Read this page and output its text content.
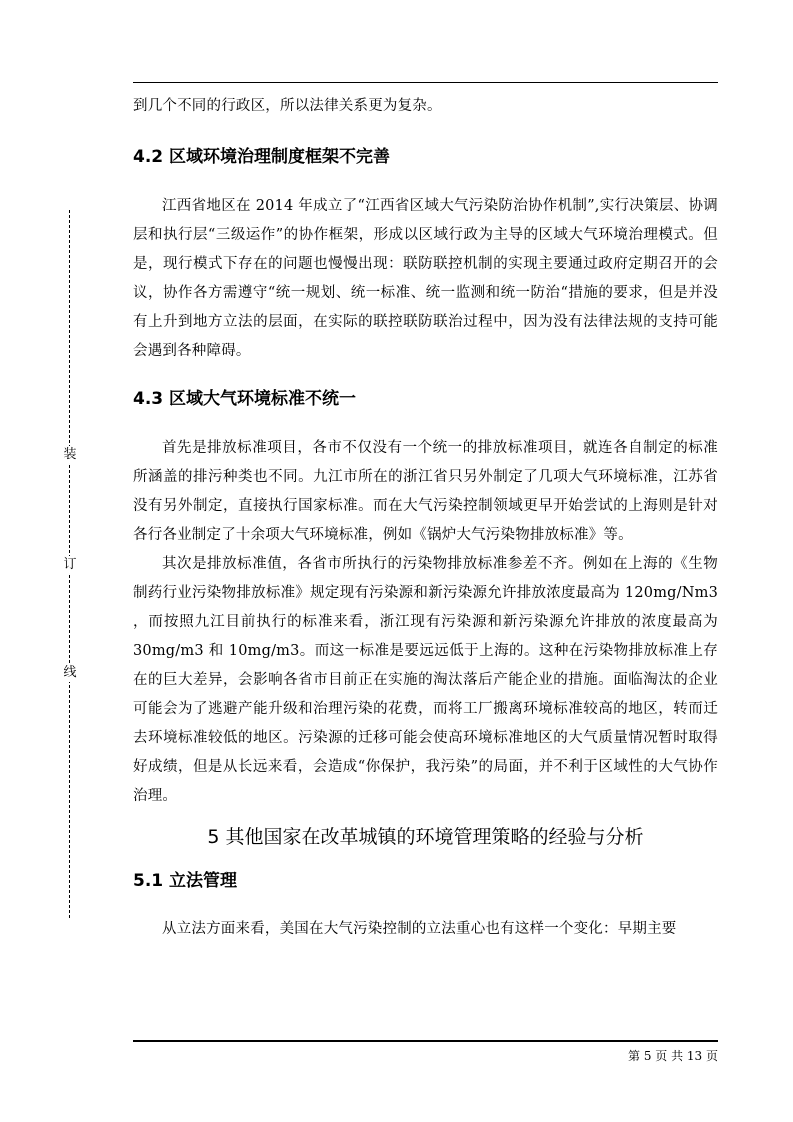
装
订
线

到几个不同的行政区，所以法律关系更为复杂。

4.2 区域环境治理制度框架不完善

江西省地区在 2014 年成立了“江西省区域大气污染防治协作机制”,实行决策层、协调层和执行层“三级运作”的协作框架，形成以区域行政为主导的区域大气环境治理模式。但是，现行模式下存在的问题也慢慢出现：联防联控机制的实现主要通过政府定期召开的会议，协作各方需遵守“统一规划、统一标准、统一监测和统一防治“措施的要求，但是并没有上升到地方立法的层面，在实际的联控联防联治过程中，因为没有法律法规的支持可能会遇到各种障碍。

4.3 区域大气环境标准不统一

首先是排放标准项目，各市不仅没有一个统一的排放标准项目，就连各自制定的标准所涵盖的排污种类也不同。九江市所在的浙江省只另外制定了几项大气环境标准，江苏省没有另外制定，直接执行国家标准。而在大气污染控制领域更早开始尝试的上海则是针对各行各业制定了十余项大气环境标准，例如《锅炉大气污染物排放标准》等。

其次是排放标准值，各省市所执行的污染物排放标准参差不齐。例如在上海的《生物制药行业污染物排放标准》规定现有污染源和新污染源允许排放浓度最高为 120mg/Nm3 ，而按照九江目前执行的标准来看，浙江现有污染源和新污染源允许排放的浓度最高为 30mg/m3 和 10mg/m3。而这一标准是要远远低于上海的。这种在污染物排放标准上存在的巨大差异，会影响各省市目前正在实施的淘汰落后产能企业的措施。面临淘汰的企业可能会为了逃避产能升级和治理污染的花费，而将工厂搬离环境标准较高的地区，转而迁去环境标准较低的地区。污染源的迁移可能会使高环境标准地区的大气质量情况暂时取得好成绩，但是从长远来看，会造成“你保护，我污染”的局面，并不利于区域性的大气协作治理。

5 其他国家在改革城镇的环境管理策略的经验与分析
5.1 立法管理

从立法方面来看，美国在大气污染控制的立法重心也有这样一个变化：早期主要

第 5 页 共 13 页
